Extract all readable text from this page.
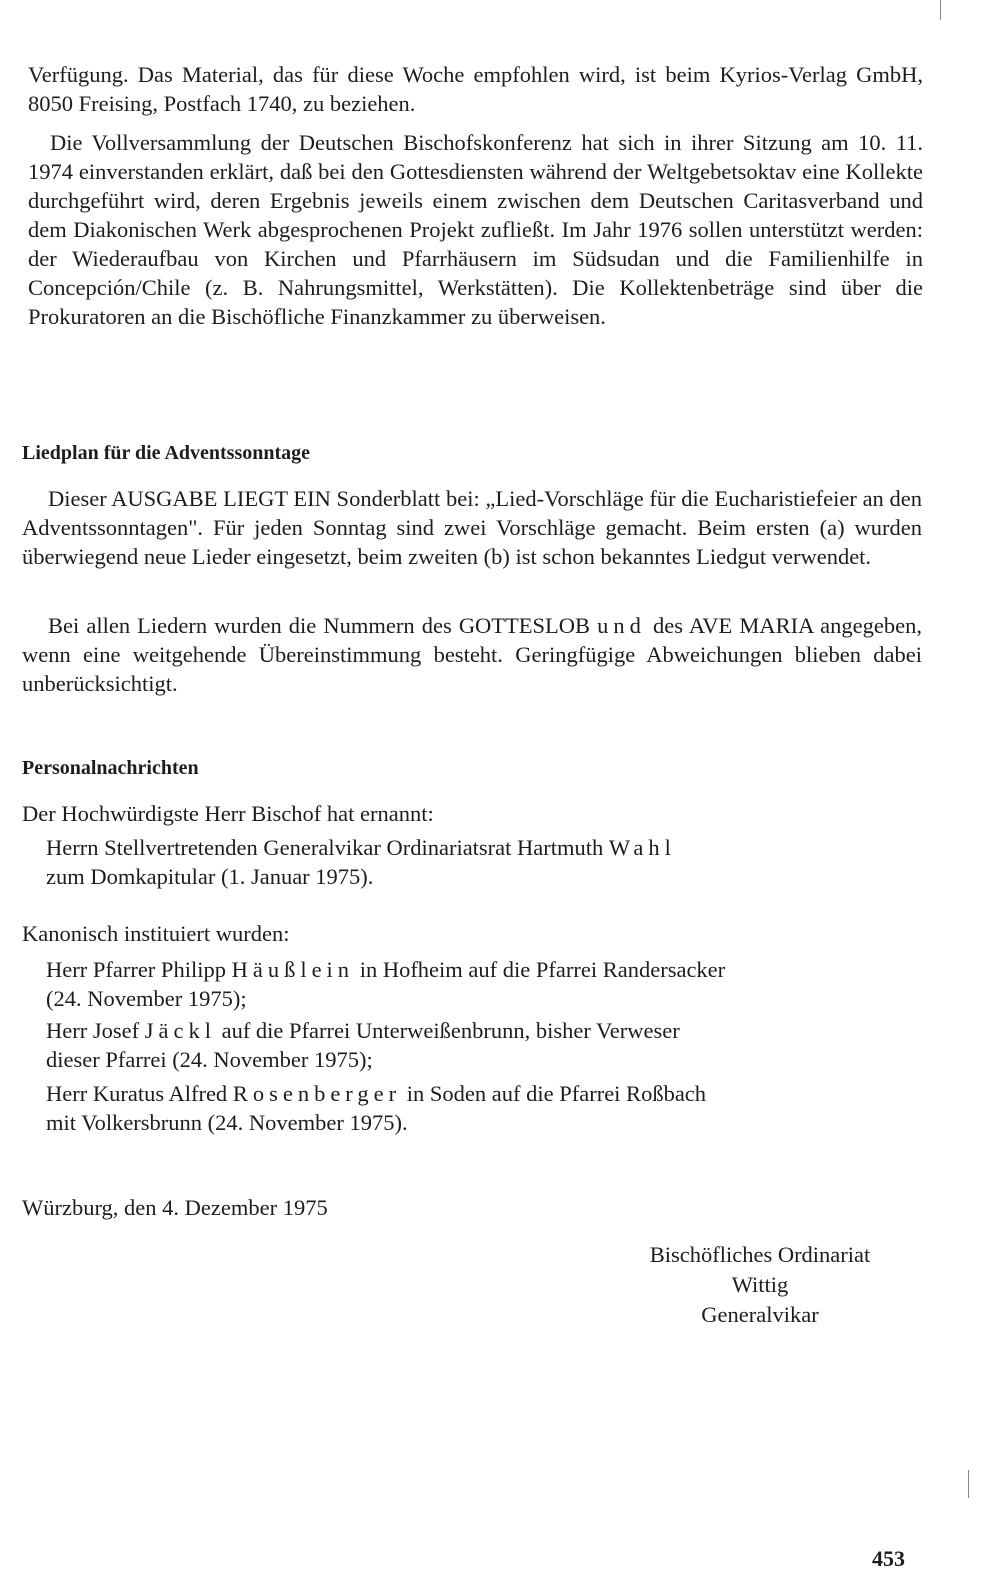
Verfügung. Das Material, das für diese Woche empfohlen wird, ist beim Kyrios-Verlag GmbH, 8050 Freising, Postfach 1740, zu beziehen.

Die Vollversammlung der Deutschen Bischofskonferenz hat sich in ihrer Sitzung am 10. 11. 1974 einverstanden erklärt, daß bei den Gottesdiensten während der Weltgebetsoktav eine Kollekte durchgeführt wird, deren Ergebnis jeweils einem zwischen dem Deutschen Caritasverband und dem Diakonischen Werk abgesprochenen Projekt zufließt. Im Jahr 1976 sollen unterstützt werden: der Wiederaufbau von Kirchen und Pfarrhäusern im Südsudan und die Familienhilfe in Concepción/Chile (z. B. Nahrungsmittel, Werkstätten). Die Kollektenbeträge sind über die Prokuratoren an die Bischöfliche Finanzkammer zu überweisen.

Liedplan für die Adventssonntage

Dieser AUSGABE LIEGT EIN Sonderblatt bei: „Lied-Vorschläge für die Eucharistiefeier an den Adventssonntagen". Für jeden Sonntag sind zwei Vorschläge gemacht. Beim ersten (a) wurden überwiegend neue Lieder eingesetzt, beim zweiten (b) ist schon bekanntes Liedgut verwendet.

Bei allen Liedern wurden die Nummern des GOTTESLOB und des AVE MARIA angegeben, wenn eine weitgehende Übereinstimmung besteht. Geringfügige Abweichungen blieben dabei unberücksichtigt.

Personalnachrichten

Der Hochwürdigste Herr Bischof hat ernannt:

Herrn Stellvertretenden Generalvikar Ordinariatsrat Hartmuth Wahl
zum Domkapitular (1. Januar 1975).

Kanonisch instituiert wurden:

Herr Pfarrer Philipp Häußlein in Hofheim auf die Pfarrei Randersacker
(24. November 1975);

Herr Josef Jäckl auf die Pfarrei Unterweißenbrunn, bisher Verweser
dieser Pfarrei (24. November 1975);

Herr Kuratus Alfred Rosenberger in Soden auf die Pfarrei Roßbach
mit Volkersbrunn (24. November 1975).

Würzburg, den 4. Dezember 1975

Bischöfliches Ordinariat
Wittig
Generalvikar
453
